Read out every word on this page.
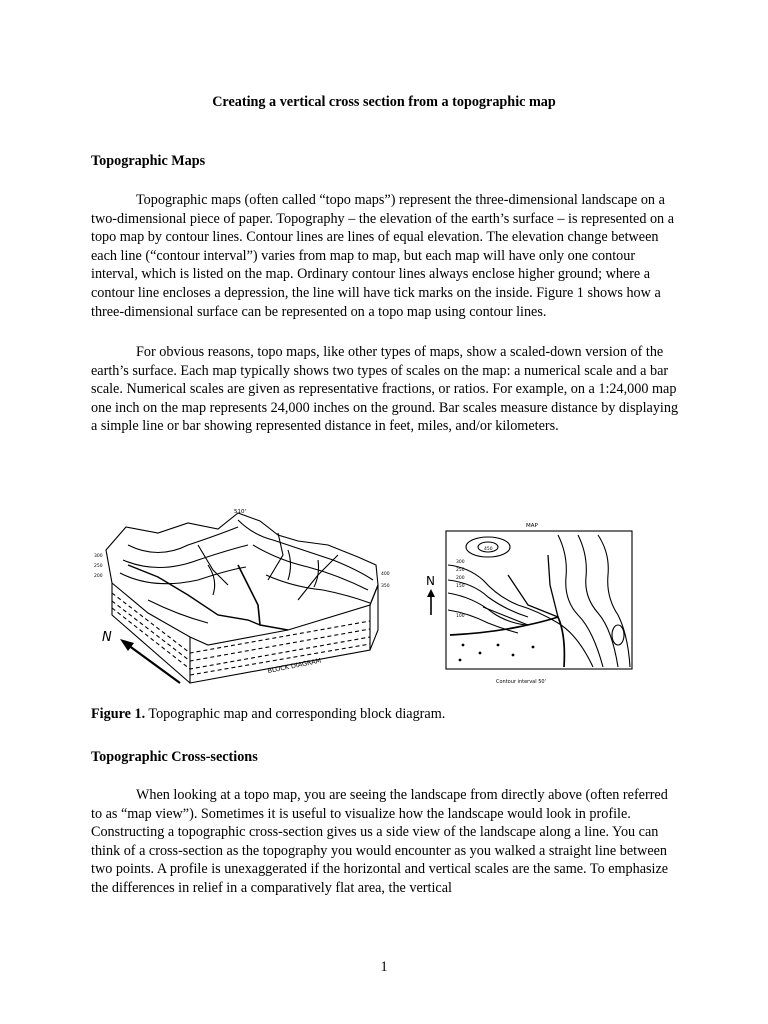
Creating a vertical cross section from a topographic map
Topographic Maps

Topographic maps (often called “topo maps”) represent the three-dimensional landscape on a two-dimensional piece of paper. Topography – the elevation of the earth’s surface – is represented on a topo map by contour lines. Contour lines are lines of equal elevation. The elevation change between each line (“contour interval”) varies from map to map, but each map will have only one contour interval, which is listed on the map. Ordinary contour lines always enclose higher ground; where a contour line encloses a depression, the line will have tick marks on the inside. Figure 1 shows how a three-dimensional surface can be represented on a topo map using contour lines.

For obvious reasons, topo maps, like other types of maps, show a scaled-down version of the earth’s surface. Each map typically shows two types of scales on the map: a numerical scale and a bar scale. Numerical scales are given as representative fractions, or ratios. For example, on a 1:24,000 map one inch on the map represents 24,000 inches on the ground. Bar scales measure distance by displaying a simple line or bar showing represented distance in feet, miles, and/or kilometers.

N
BLOCK DIAGRAM
510'
300
250
200	400
350
MAP
450
300
250
200
150
100
Contour interval 50'
N
Figure 1. Topographic map and corresponding block diagram.
Topographic Cross-sections

When looking at a topo map, you are seeing the landscape from directly above (often referred to as “map view”). Sometimes it is useful to visualize how the landscape would look in profile. Constructing a topographic cross-section gives us a side view of the landscape along a line. You can think of a cross-section as the topography you would encounter as you walked a straight line between two points. A profile is unexaggerated if the horizontal and vertical scales are the same. To emphasize the differences in relief in a comparatively flat area, the vertical

1
